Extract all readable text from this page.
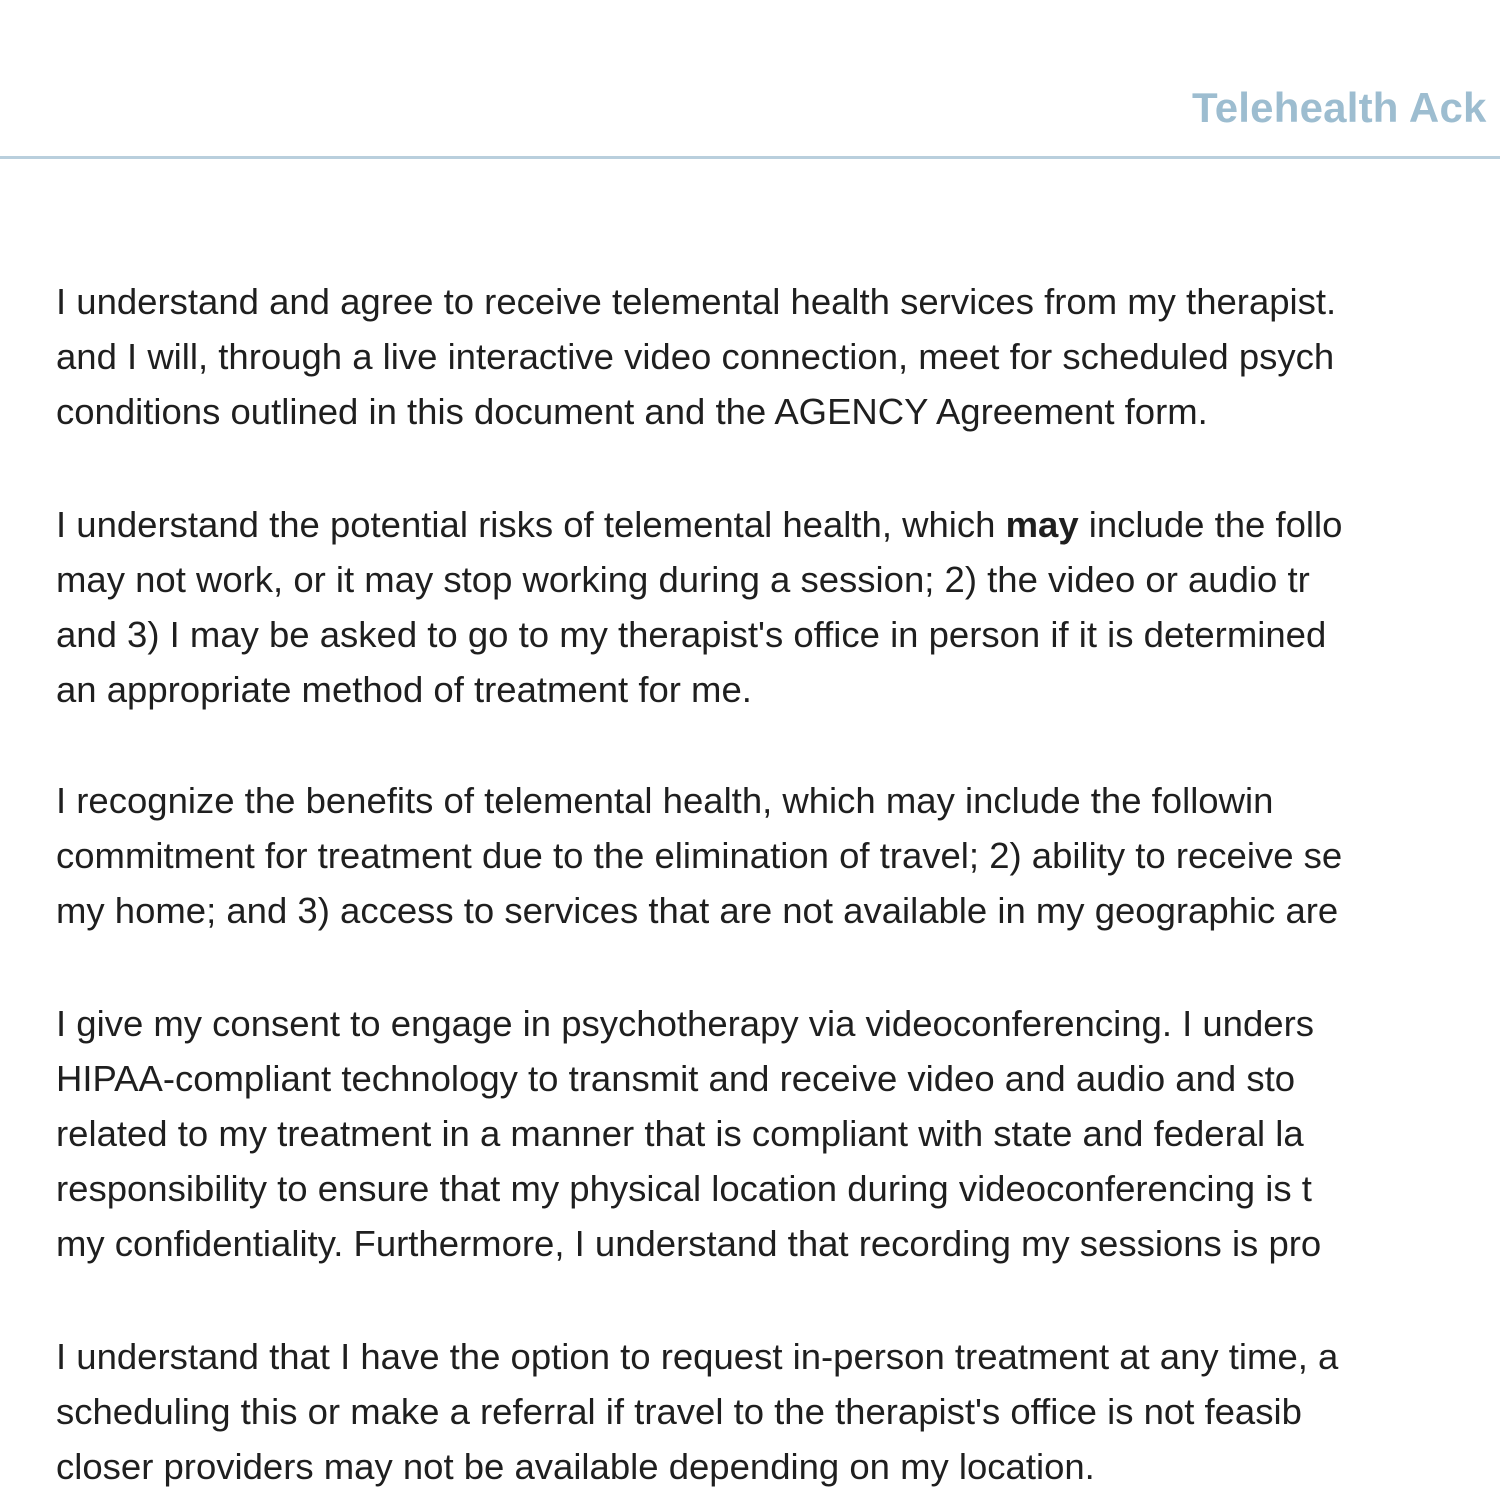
Telehealth Ack
I understand and agree to receive telemental health services from my therapist.
and I will, through a live interactive video connection, meet for scheduled psych
conditions outlined in this document and the AGENCY Agreement form.
I understand the potential risks of telemental health, which may include the follo
may not work, or it may stop working during a session; 2) the video or audio tr
and 3) I may be asked to go to my therapist's office in person if it is determined
an appropriate method of treatment for me.
I recognize the benefits of telemental health, which may include the followin
commitment for treatment due to the elimination of travel; 2) ability to receive se
my home; and 3) access to services that are not available in my geographic are
I give my consent to engage in psychotherapy via videoconferencing. I unders
HIPAA-compliant technology to transmit and receive video and audio and sto
related to my treatment in a manner that is compliant with state and federal la
responsibility to ensure that my physical location during videoconferencing is t
my confidentiality. Furthermore, I understand that recording my sessions is pro
I understand that I have the option to request in-person treatment at any time, a
scheduling this or make a referral if travel to the therapist's office is not feasib
closer providers may not be available depending on my location.
